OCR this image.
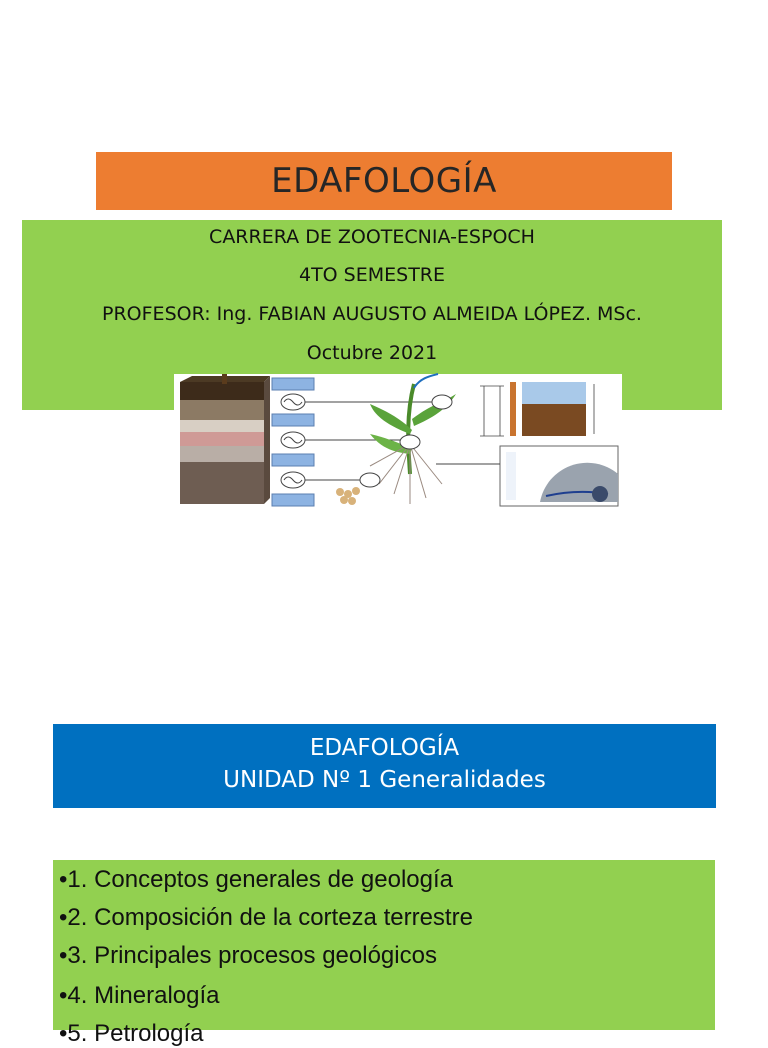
EDAFOLOGÍA
CARRERA DE ZOOTECNIA-ESPOCH
4TO SEMESTRE
PROFESOR: Ing. FABIAN AUGUSTO ALMEIDA LÓPEZ. MSc.
Octubre 2021
EDAFOLOGÍA
UNIDAD Nº 1 Generalidades
•1. Conceptos generales de geología
•2. Composición de la corteza terrestre
•3. Principales procesos geológicos
•4. Mineralogía
•5. Petrología
